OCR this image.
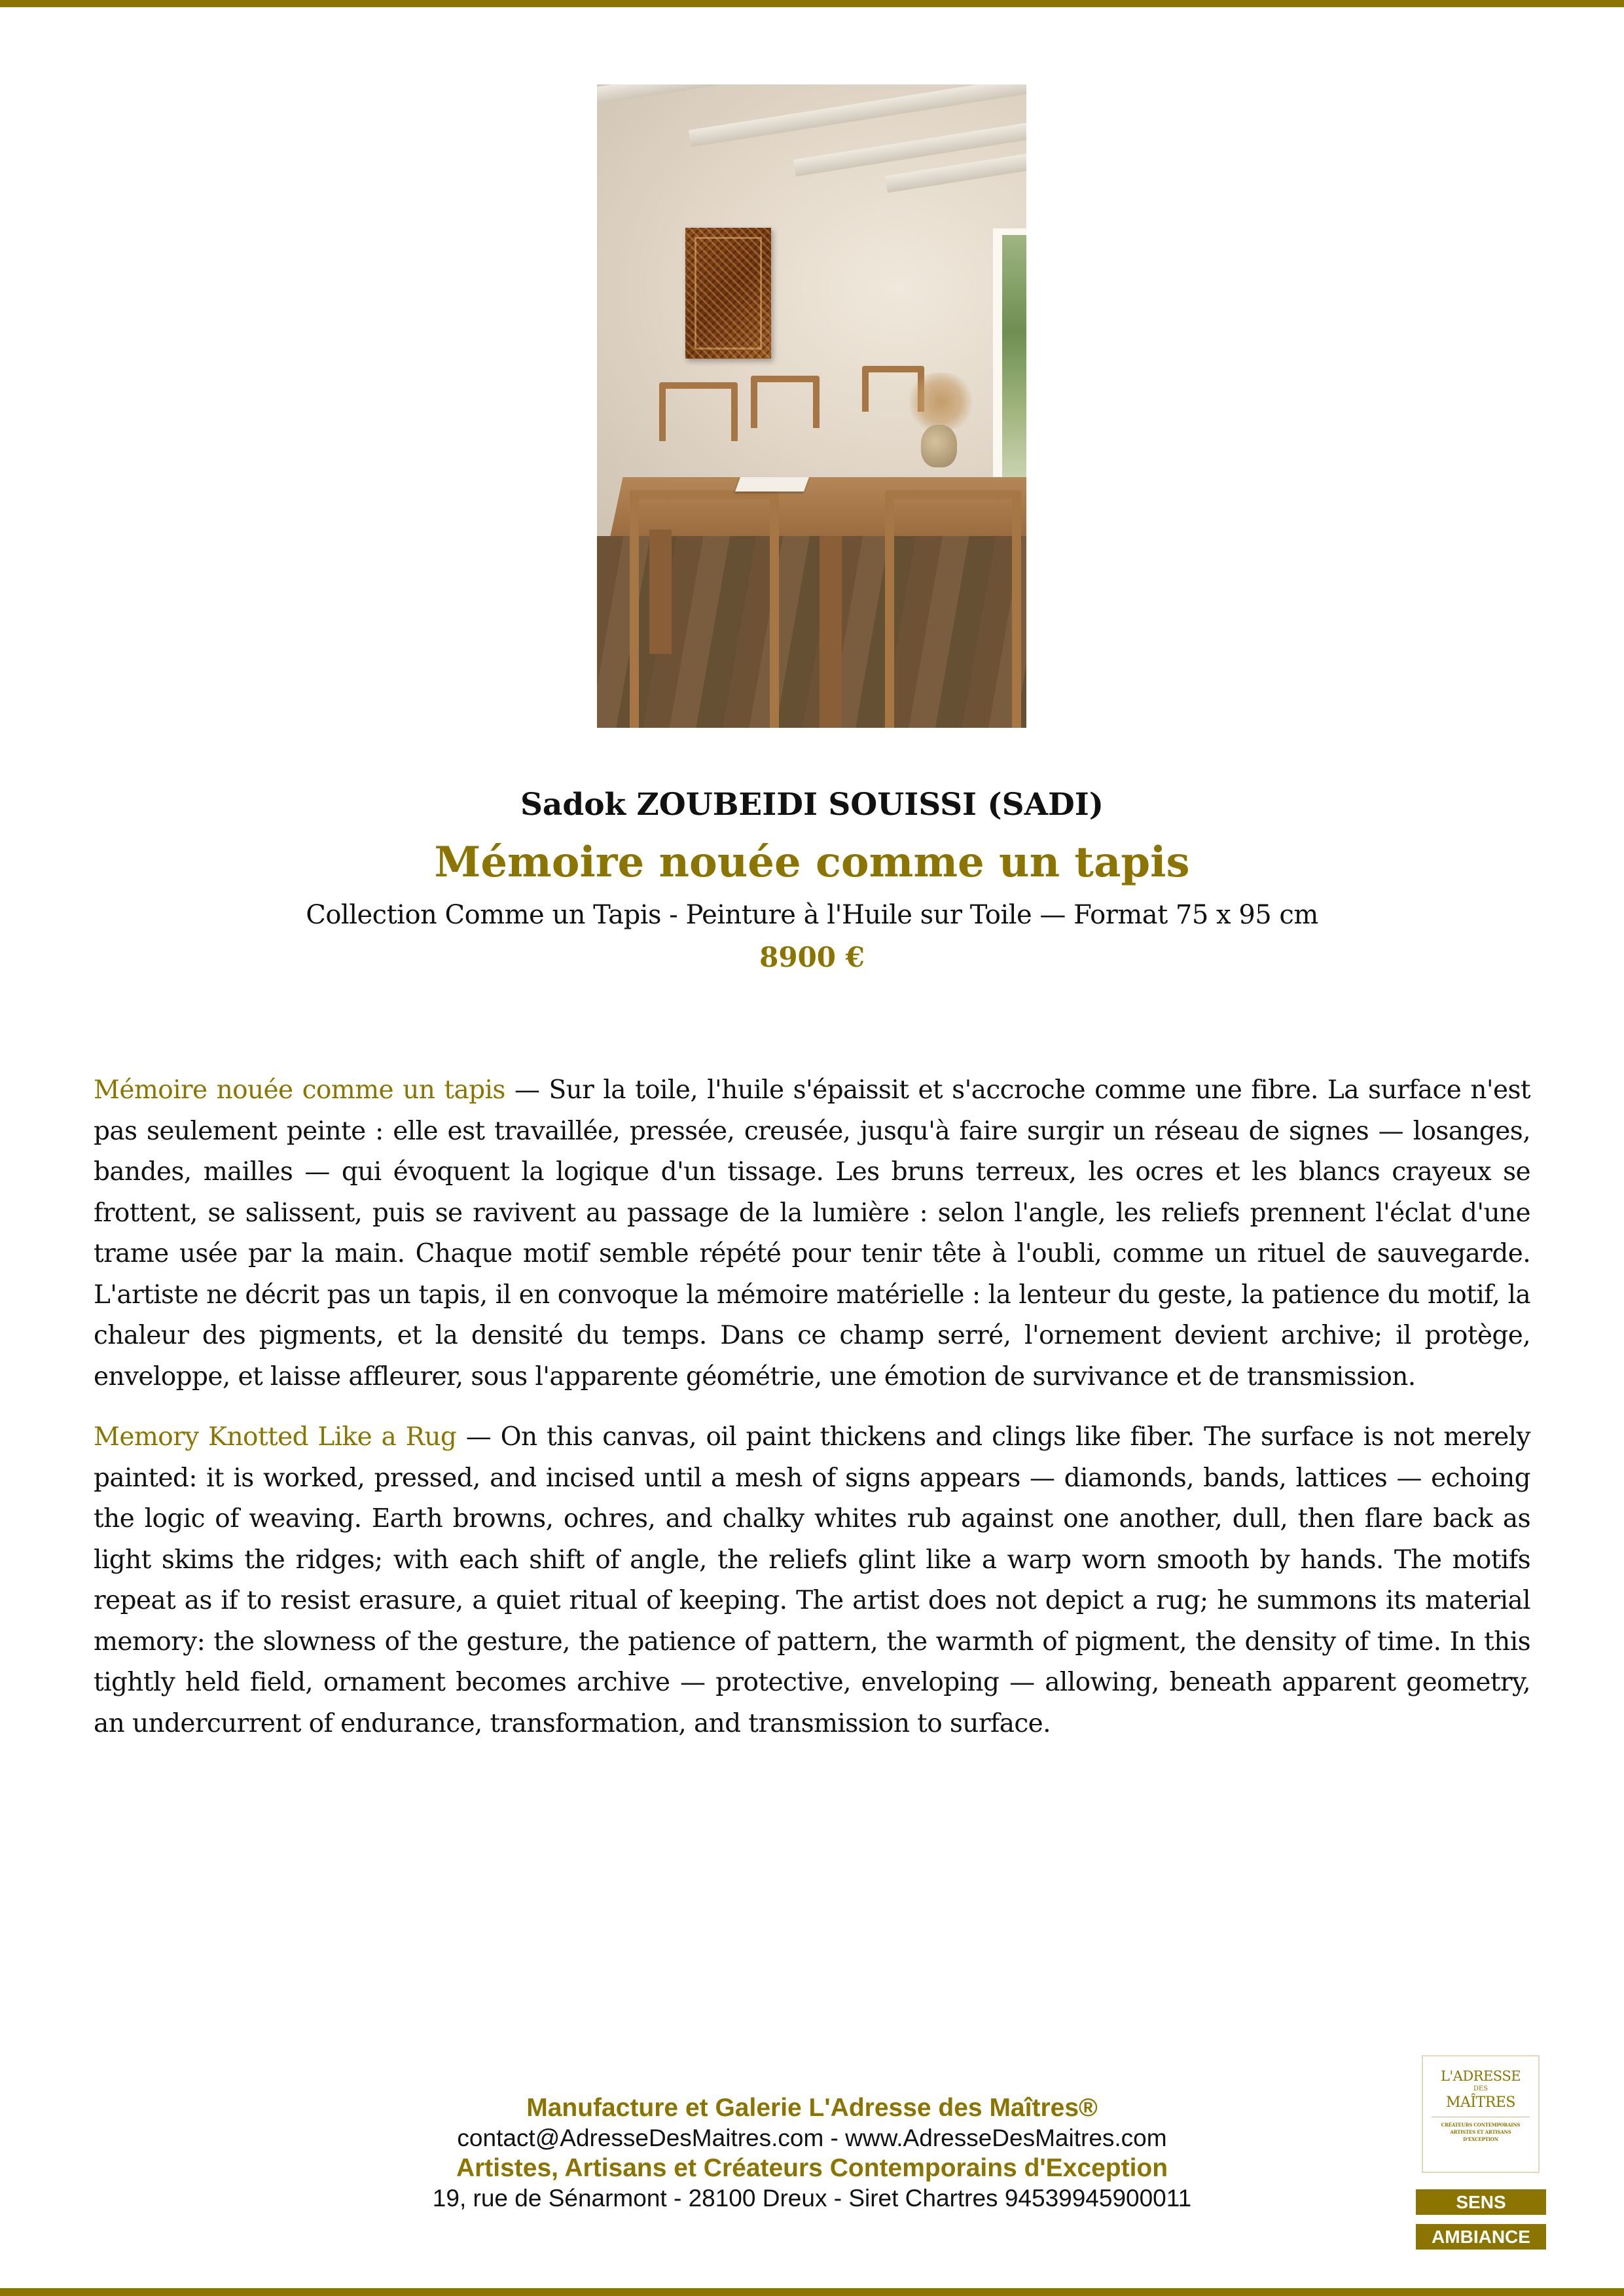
Sadok ZOUBEIDI SOUISSI (SADI)

Mémoire nouée comme un tapis

Collection Comme un Tapis - Peinture à l'Huile sur Toile — Format 75 x 95 cm

8900 €

Mémoire nouée comme un tapis — Sur la toile, l'huile s'épaissit et s'accroche comme une fibre. La surface n'est pas seulement peinte : elle est travaillée, pressée, creusée, jusqu'à faire surgir un réseau de signes — losanges, bandes, mailles — qui évoquent la logique d'un tissage. Les bruns terreux, les ocres et les blancs crayeux se frottent, se salissent, puis se ravivent au passage de la lumière : selon l'angle, les reliefs prennent l'éclat d'une trame usée par la main. Chaque motif semble répété pour tenir tête à l'oubli, comme un rituel de sauvegarde. L'artiste ne décrit pas un tapis, il en convoque la mémoire matérielle : la lenteur du geste, la patience du motif, la chaleur des pigments, et la densité du temps. Dans ce champ serré, l'ornement devient archive; il protège, enveloppe, et laisse affleurer, sous l'apparente géométrie, une émotion de survivance et de transmission.

Memory Knotted Like a Rug — On this canvas, oil paint thickens and clings like fiber. The surface is not merely painted: it is worked, pressed, and incised until a mesh of signs appears — diamonds, bands, lattices — echoing the logic of weaving. Earth browns, ochres, and chalky whites rub against one another, dull, then flare back as light skims the ridges; with each shift of angle, the reliefs glint like a warp worn smooth by hands. The motifs repeat as if to resist erasure, a quiet ritual of keeping. The artist does not depict a rug; he summons its material memory: the slowness of the gesture, the patience of pattern, the warmth of pigment, the density of time. In this tightly held field, ornament becomes archive — protective, enveloping — allowing, beneath apparent geometry, an undercurrent of endurance, transformation, and transmission to surface.

Manufacture et Galerie L'Adresse des Maîtres®

contact@AdresseDesMaitres.com - www.AdresseDesMaitres.com

Artistes, Artisans et Créateurs Contemporains d'Exception

19, rue de Sénarmont - 28100 Dreux - Siret Chartres 94539945900011

L'ADRESSE
DES
MAÎTRES
CRÉATEURS CONTEMPORAINS
ARTISTES ET ARTISANS
D'EXCEPTION
SENS
AMBIANCE
